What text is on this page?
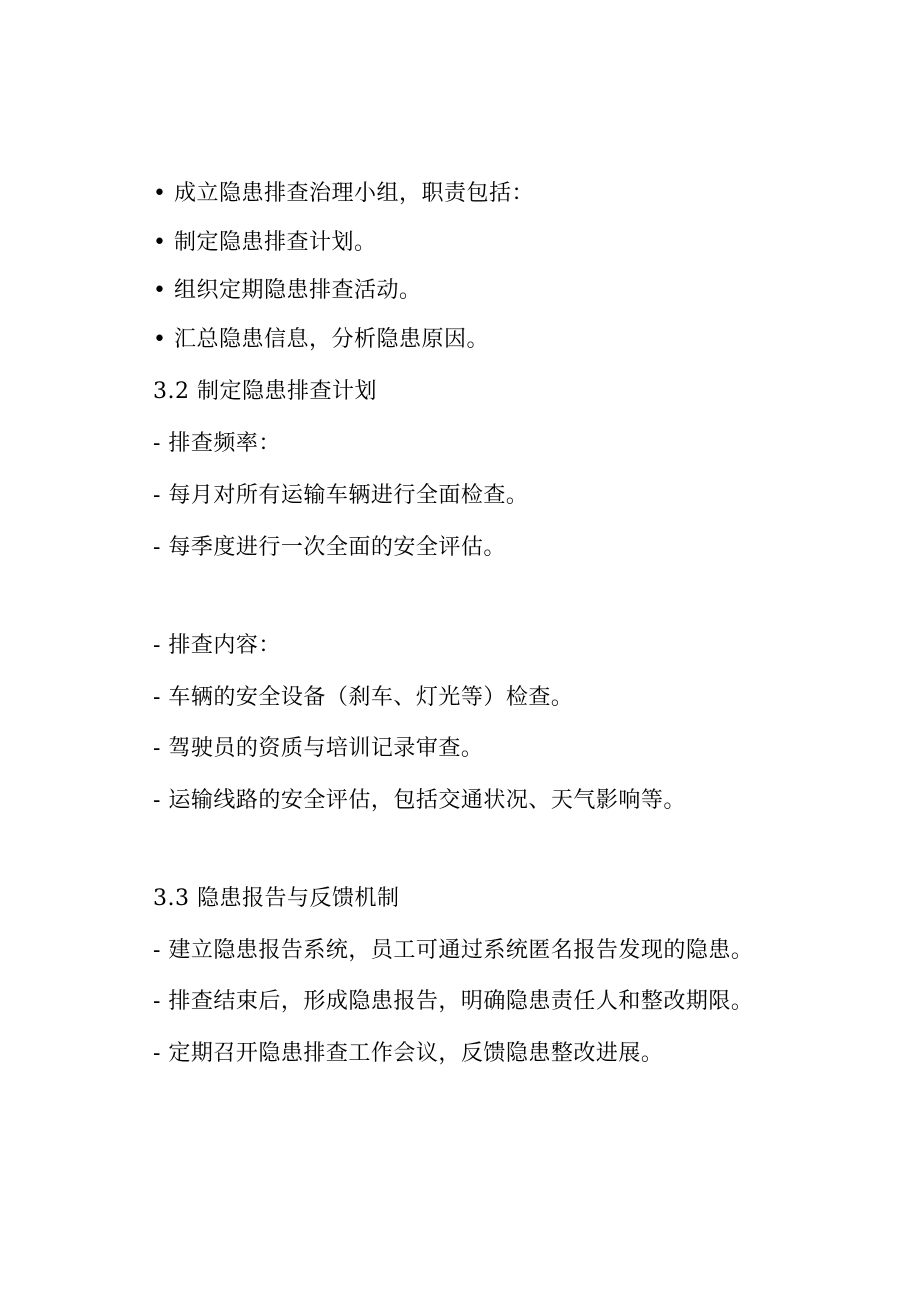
• 成立隐患排查治理小组，职责包括：
• 制定隐患排查计划。
• 组织定期隐患排查活动。
• 汇总隐患信息，分析隐患原因。
3.2 制定隐患排查计划
- 排查频率：
- 每月对所有运输车辆进行全面检查。
- 每季度进行一次全面的安全评估。
- 排查内容：
- 车辆的安全设备（刹车、灯光等）检查。
- 驾驶员的资质与培训记录审查。
- 运输线路的安全评估，包括交通状况、天气影响等。
3.3 隐患报告与反馈机制
- 建立隐患报告系统，员工可通过系统匿名报告发现的隐患。
- 排查结束后，形成隐患报告，明确隐患责任人和整改期限。
- 定期召开隐患排查工作会议，反馈隐患整改进展。
